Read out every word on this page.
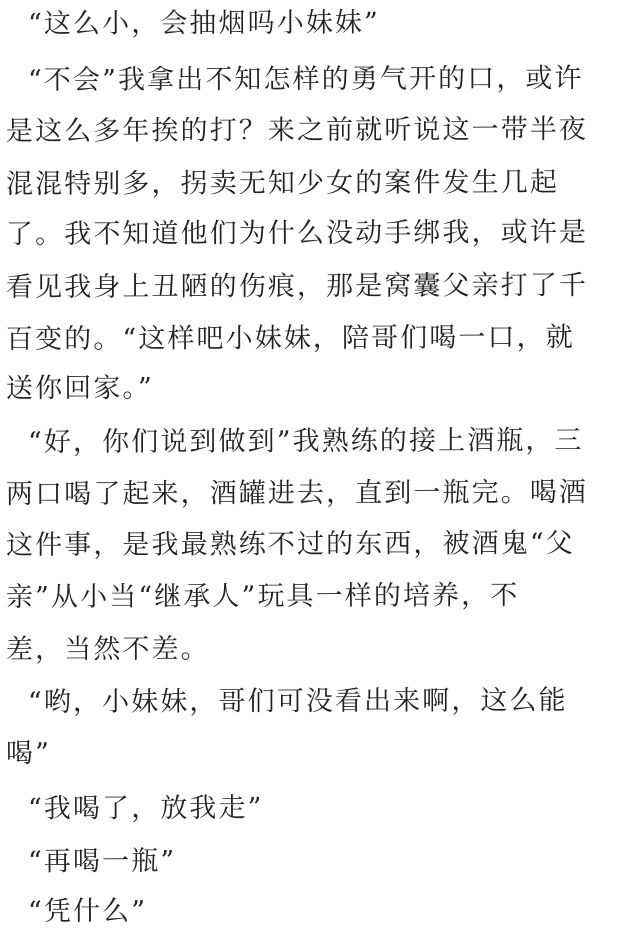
“这么小，会抽烟吗小妹妹”
“不会”我拿出不知怎样的勇气开的口，或许
是这么多年挨的打？来之前就听说这一带半夜
混混特别多，拐卖无知少女的案件发生几起
了。我不知道他们为什么没动手绑我，或许是
看见我身上丑陋的伤痕，那是窝囊父亲打了千
百变的。“这样吧小妹妹，陪哥们喝一口，就
送你回家。”
“好，你们说到做到”我熟练的接上酒瓶，三
两口喝了起来，酒罐进去，直到一瓶完。喝酒
这件事，是我最熟练不过的东西，被酒鬼“父
亲”从小当“继承人”玩具一样的培养，不
差，当然不差。
“哟，小妹妹，哥们可没看出来啊，这么能
喝”
“我喝了，放我走”
“再喝一瓶”
“凭什么”
